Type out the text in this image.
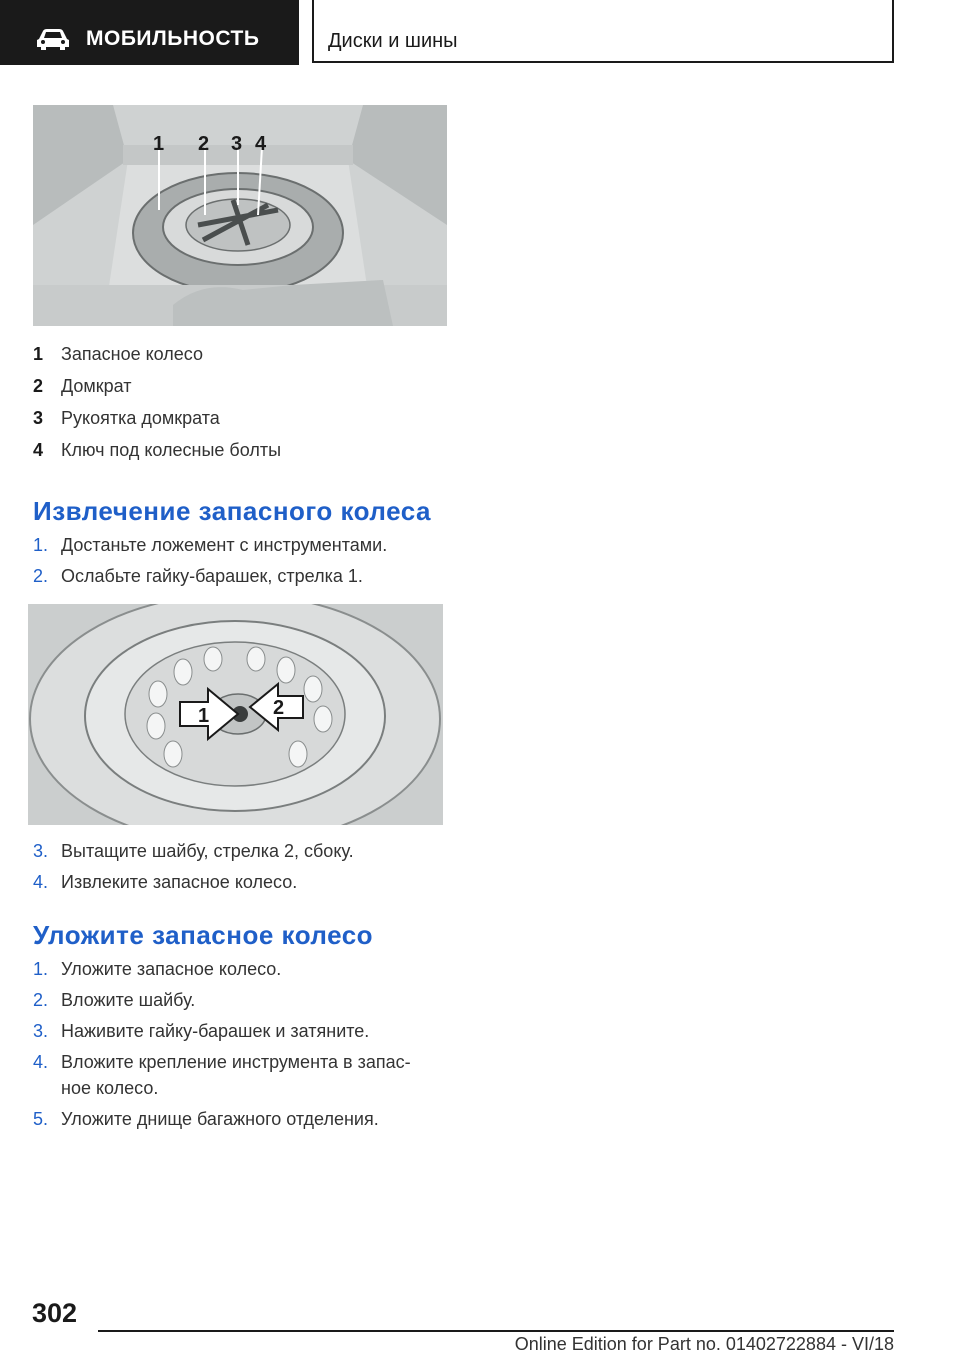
МОБИЛЬНОСТЬ	Диски и шины
1 2 3 4
1 Запасное колесо
2 Домкрат
3 Рукоятка домкрата
4 Ключ под колесные болты
Извлечение запасного колеса
1. Достаньте ложемент с инструментами.
2. Ослабьте гайку-барашек, стрелка 1.
1	2
3. Вытащите шайбу, стрелка 2, сбоку.
4. Извлеките запасное колесо.
Уложите запасное колесо
1. Уложите запасное колесо.
2. Вложите шайбу.
3. Наживите гайку-барашек и затяните.
4. Вложите крепление инструмента в запас- ное колесо.
5. Уложите днище багажного отделения.
302
Online Edition for Part no. 01402722884 - VI/18
